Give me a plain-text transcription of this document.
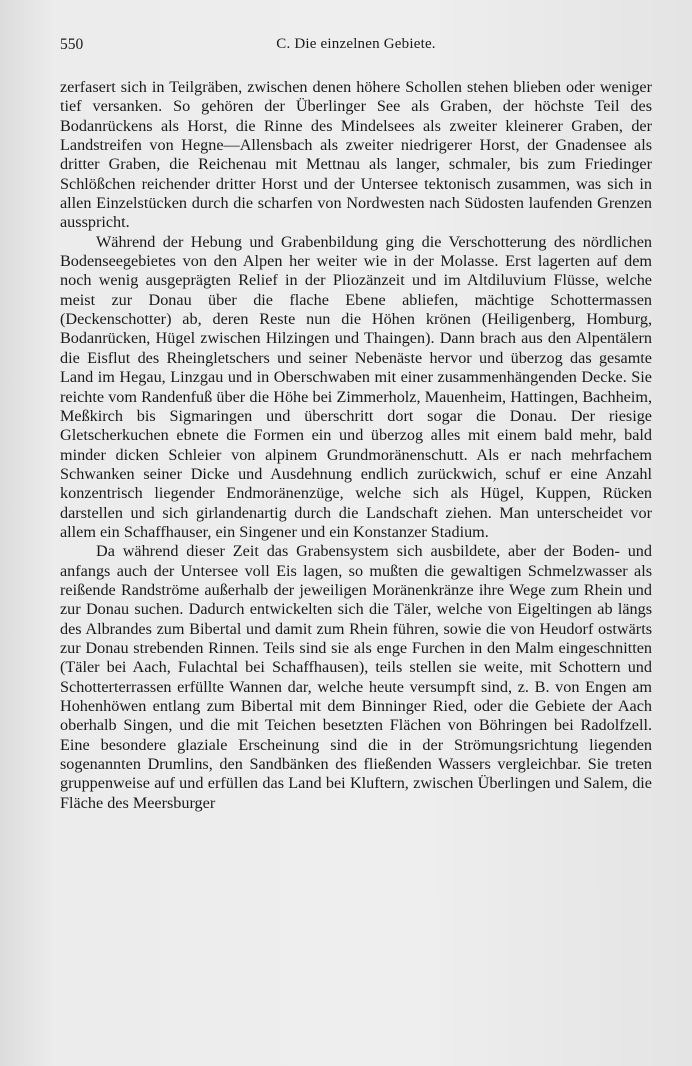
550	C. Die einzelnen Gebiete.

zerfasert sich in Teilgräben, zwischen denen höhere Schollen stehen blieben oder weniger tief versanken. So gehören der Überlinger See als Graben, der höchste Teil des Bodanrückens als Horst, die Rinne des Mindelsees als zweiter kleinerer Graben, der Landstreifen von Hegne—Allensbach als zweiter niedrigerer Horst, der Gnadensee als dritter Graben, die Reichenau mit Mettnau als langer, schmaler, bis zum Friedinger Schlößchen reichender dritter Horst und der Untersee tektonisch zusammen, was sich in allen Einzelstücken durch die scharfen von Nordwesten nach Südosten laufenden Grenzen ausspricht.

Während der Hebung und Grabenbildung ging die Verschotterung des nördlichen Bodenseegebietes von den Alpen her weiter wie in der Molasse. Erst lagerten auf dem noch wenig ausgeprägten Relief in der Pliozänzeit und im Altdiluvium Flüsse, welche meist zur Donau über die flache Ebene abliefen, mächtige Schottermassen (Deckenschotter) ab, deren Reste nun die Höhen krönen (Heiligenberg, Homburg, Bodanrücken, Hügel zwischen Hilzingen und Thaingen). Dann brach aus den Alpentälern die Eisflut des Rheingletschers und seiner Nebenäste hervor und überzog das gesamte Land im Hegau, Linzgau und in Oberschwaben mit einer zusammenhängenden Decke. Sie reichte vom Randenfuß über die Höhe bei Zimmerholz, Mauenheim, Hattingen, Bachheim, Meßkirch bis Sigmaringen und überschritt dort sogar die Donau. Der riesige Gletscherkuchen ebnete die Formen ein und überzog alles mit einem bald mehr, bald minder dicken Schleier von alpinem Grundmoränenschutt. Als er nach mehrfachem Schwanken seiner Dicke und Ausdehnung endlich zurückwich, schuf er eine Anzahl konzentrisch liegender Endmoränenzüge, welche sich als Hügel, Kuppen, Rücken darstellen und sich girlandenartig durch die Landschaft ziehen. Man unterscheidet vor allem ein Schaffhauser, ein Singener und ein Konstanzer Stadium.

Da während dieser Zeit das Grabensystem sich ausbildete, aber der Boden- und anfangs auch der Untersee voll Eis lagen, so mußten die gewaltigen Schmelzwasser als reißende Randströme außerhalb der jeweiligen Moränenkränze ihre Wege zum Rhein und zur Donau suchen. Dadurch entwickelten sich die Täler, welche von Eigeltingen ab längs des Albrandes zum Bibertal und damit zum Rhein führen, sowie die von Heudorf ostwärts zur Donau strebenden Rinnen. Teils sind sie als enge Furchen in den Malm eingeschnitten (Täler bei Aach, Fulachtal bei Schaffhausen), teils stellen sie weite, mit Schottern und Schotterterrassen erfüllte Wannen dar, welche heute versumpft sind, z. B. von Engen am Hohenhöwen entlang zum Bibertal mit dem Binninger Ried, oder die Gebiete der Aach oberhalb Singen, und die mit Teichen besetzten Flächen von Böhringen bei Radolfzell. Eine besondere glaziale Erscheinung sind die in der Strömungsrichtung liegenden sogenannten Drumlins, den Sandbänken des fließenden Wassers vergleichbar. Sie treten gruppenweise auf und erfüllen das Land bei Kluftern, zwischen Überlingen und Salem, die Fläche des Meersburger
